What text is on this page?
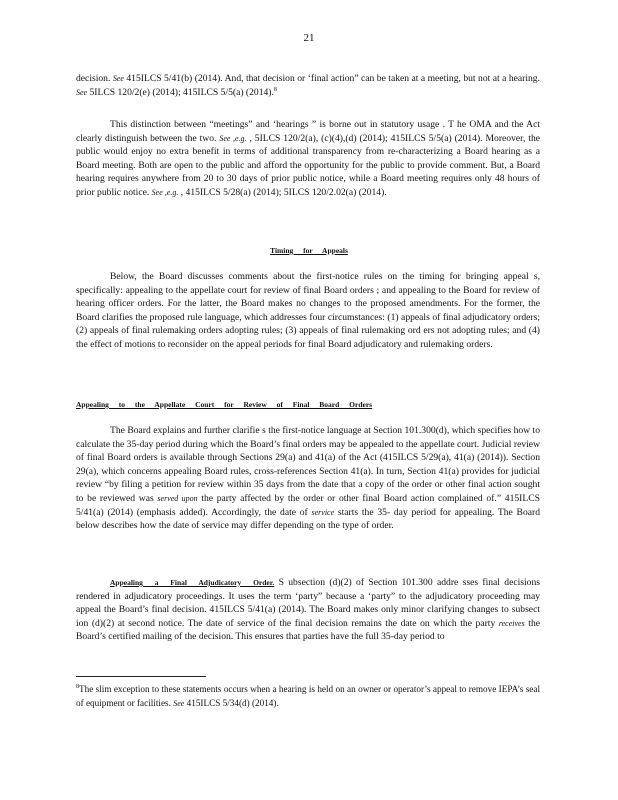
21

decision. See 415ILCS 5/41(b) (2014). And, that decision or ‘final action” can be taken at a meeting, but not at a hearing. See 5ILCS 120/2(e) (2014); 415ILCS 5/5(a) (2014).$^8$

This distinction between “meetings” and ‘hearings ” is borne out in statutory usage . T he OMA and the Act clearly distinguish between the two. See ,e.g. , 5ILCS 120/2(a), (c)(4),(d) (2014); 415ILCS 5/5(a) (2014). Moreover, the public would enjoy no extra benefit in terms of additional transparency from re-characterizing a Board hearing as a Board meeting. Both are open to the public and afford the opportunity for the public to provide comment. But, a Board hearing requires anywhere from 20 to 30 days of prior public notice, while a Board meeting requires only 48 hours of prior public notice. See ,e.g. , 415ILCS 5/28(a) (2014); 5ILCS 120/2.02(a) (2014).

Timing for Appeals

Below, the Board discusses comments about the first-notice rules on the timing for bringing appeal s, specifically: appealing to the appellate court for review of final Board orders ; and appealing to the Board for review of hearing officer orders. For the latter, the Board makes no changes to the proposed amendments. For the former, the Board clarifies the proposed rule language, which addresses four circumstances: (1) appeals of final adjudicatory orders; (2) appeals of final rulemaking orders adopting rules; (3) appeals of final rulemaking ord ers not adopting rules; and (4) the effect of motions to reconsider on the appeal periods for final Board adjudicatory and rulemaking orders.

Appealing to the Appellate Court for Review of Final Board Orders

The Board explains and further clarifie s the first-notice language at Section 101.300(d), which specifies how to calculate the 35-day period during which the Board’s final orders may be appealed to the appellate court. Judicial review of final Board orders is available through Sections 29(a) and 41(a) of the Act (415ILCS 5/29(a), 41(a) (2014)). Section 29(a), which concerns appealing Board rules, cross-references Section 41(a). In turn, Section 41(a) provides for judicial review “by filing a petition for review within 35 days from the date that a copy of the order or other final action sought to be reviewed was served upon the party affected by the order or other final Board action complained of.” 415ILCS 5/41(a) (2014) (emphasis added). Accordingly, the date of service starts the 35- day period for appealing. The Board below describes how the date of service may differ depending on the type of order.

Appealing a Final Adjudicatory Order. S ubsection (d)(2) of Section 101.300 addre sses final decisions rendered in adjudicatory proceedings. It uses the term ‘party” because a ‘party” to the adjudicatory proceeding may appeal the Board’s final decision. 415ILCS 5/41(a) (2014). The Board makes only minor clarifying changes to subsect ion (d)(2) at second notice. The date of service of the final decision remains the date on which the party receives the Board’s certified mailing of the decision. This ensures that parties have the full 35-day period to

$^8$The slim exception to these statements occurs when a hearing is held on an owner or operator’s appeal to remove IEPA’s seal of equipment or facilities. See 415ILCS 5/34(d) (2014).
